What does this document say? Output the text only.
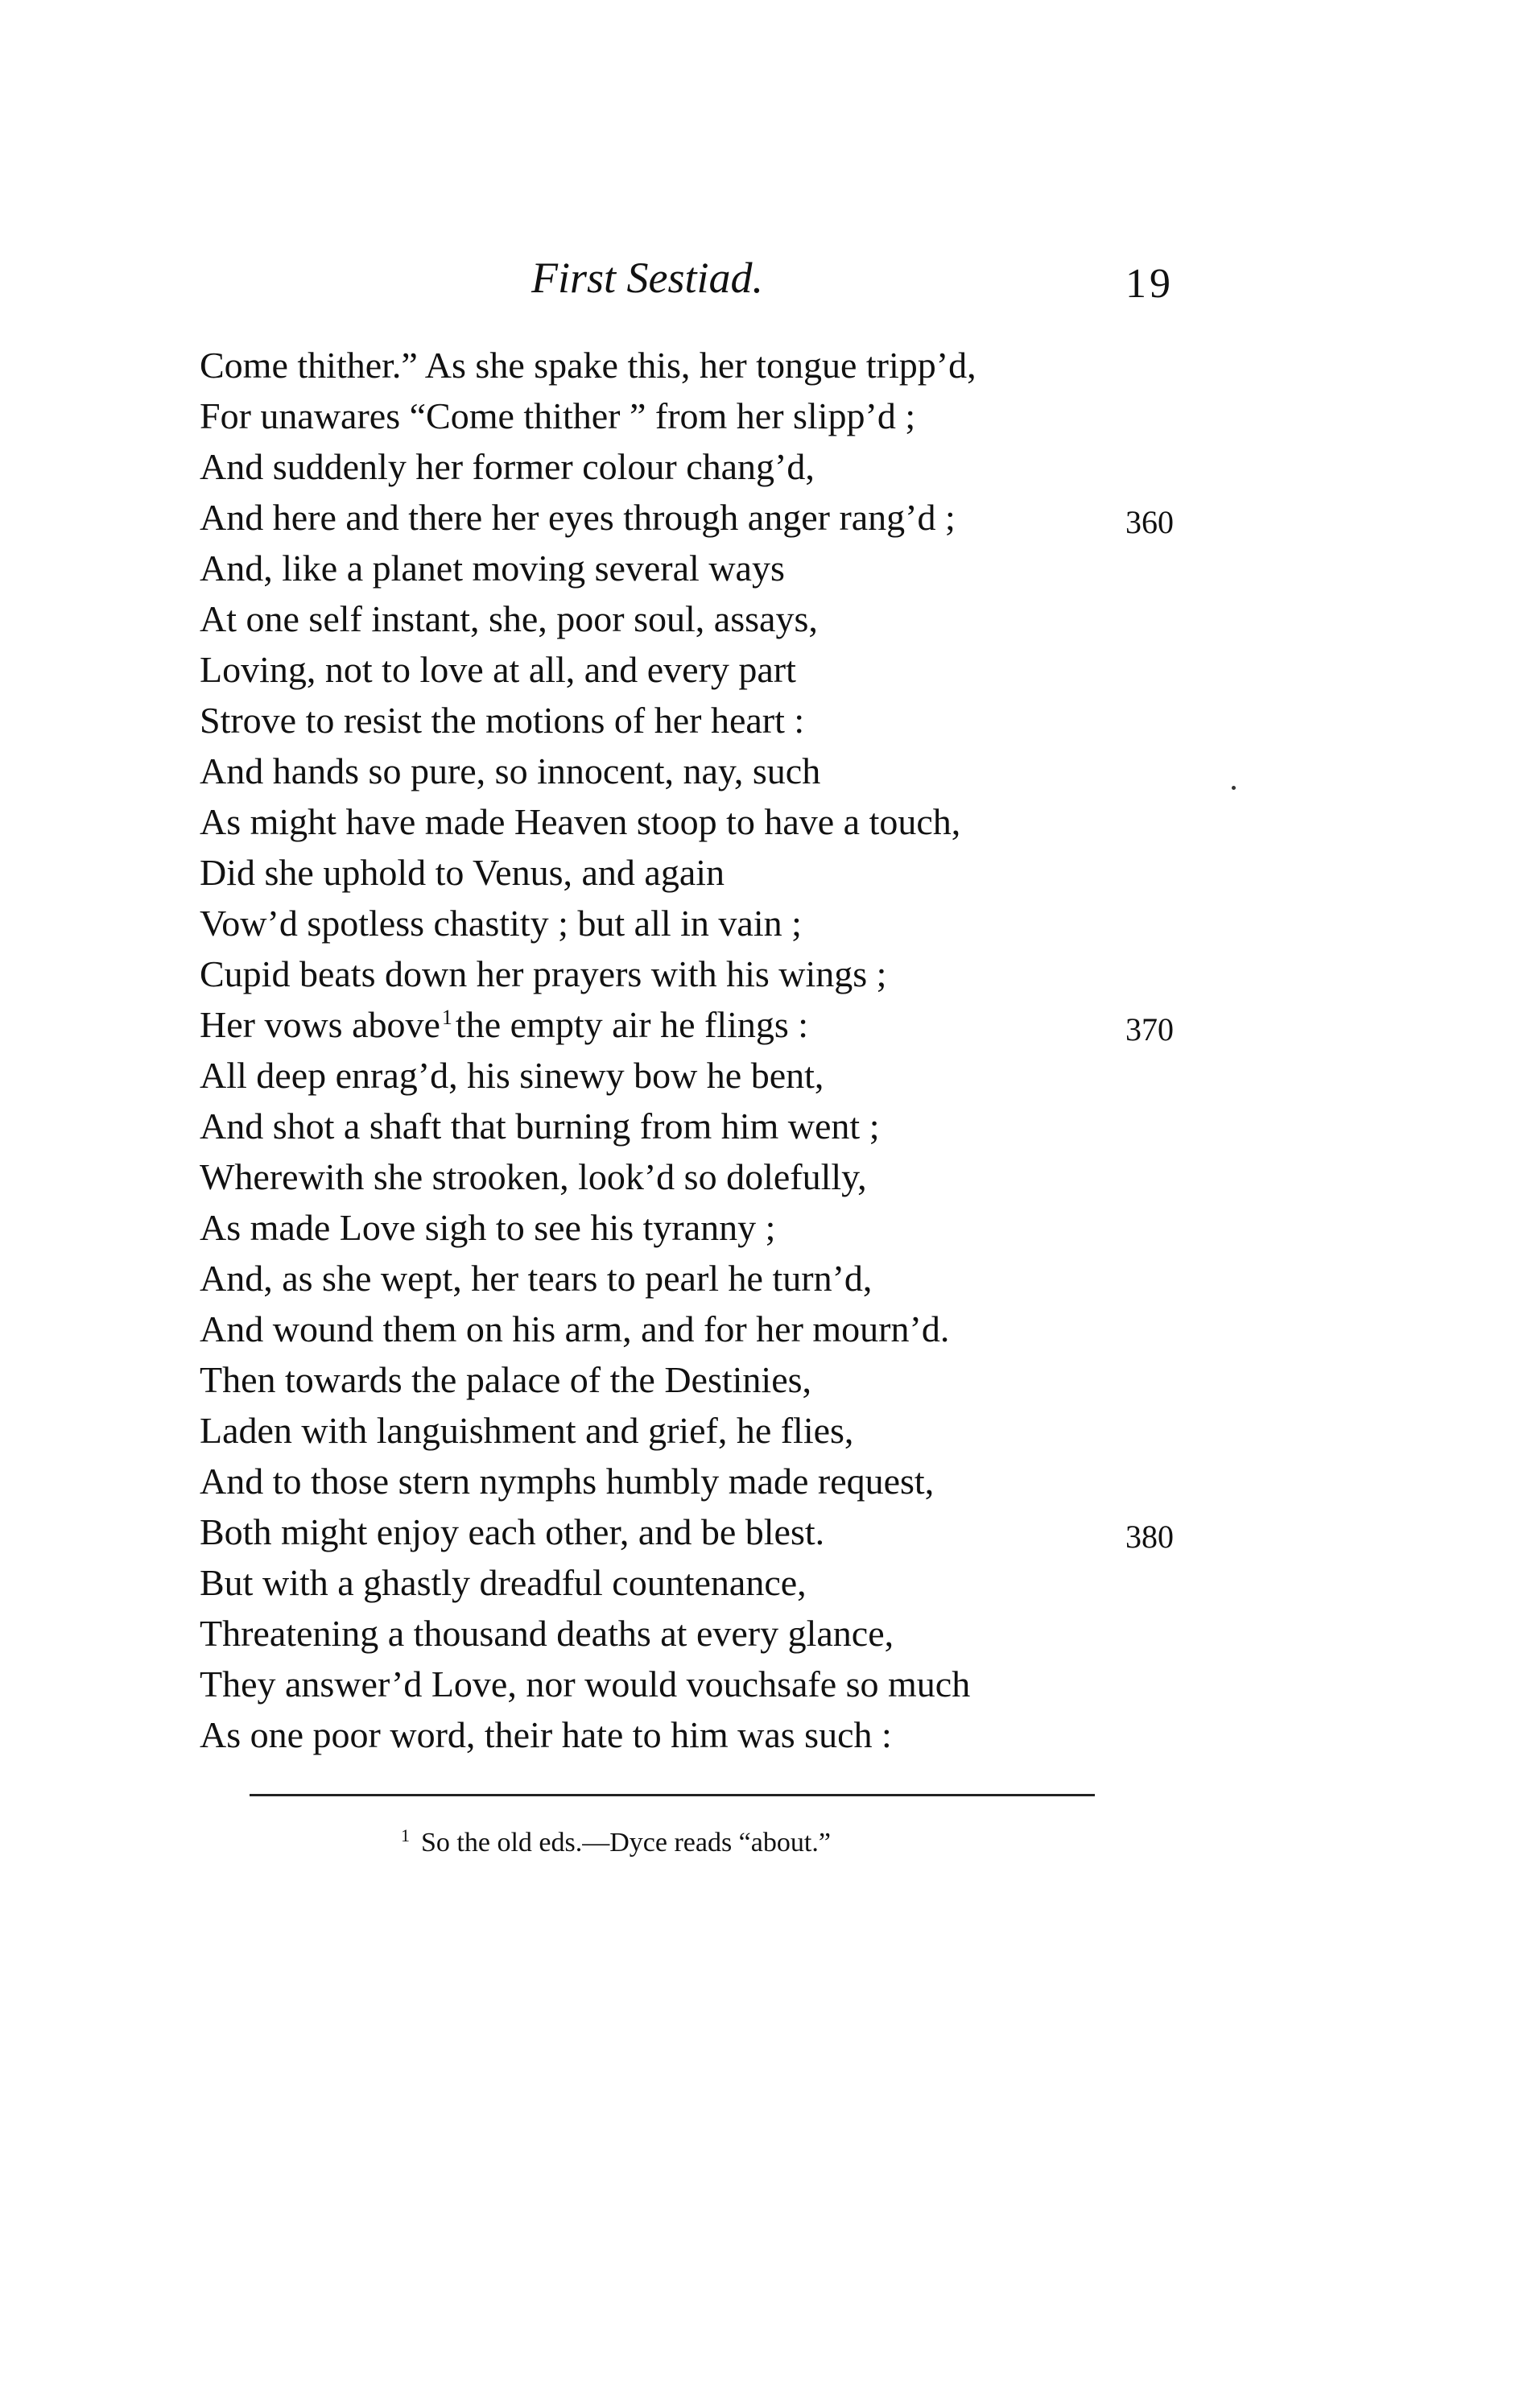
First Sestiad.	19
Come thither.” As she spake this, her tongue tripp’d,
For unawares “Come thither ” from her slipp’d ;
And suddenly her former colour chang’d,
And here and there her eyes through anger rang’d ;	360
And, like a planet moving several ways
At one self instant, she, poor soul, assays,
Loving, not to love at all, and every part
Strove to resist the motions of her heart :
And hands so pure, so innocent, nay, such
As might have made Heaven stoop to have a touch,
Did she uphold to Venus, and again
Vow’d spotless chastity ; but all in vain ;
Cupid beats down her prayers with his wings ;
Her vows above$^1$the empty air he flings :	370
All deep enrag’d, his sinewy bow he bent,
And shot a shaft that burning from him went ;
Wherewith she strooken, look’d so dolefully,
As made Love sigh to see his tyranny ;
And, as she wept, her tears to pearl he turn’d,
And wound them on his arm, and for her mourn’d.
Then towards the palace of the Destinies,
Laden with languishment and grief, he flies,
And to those stern nymphs humbly made request,
Both might enjoy each other, and be blest.	380
But with a ghastly dreadful countenance,
Threatening a thousand deaths at every glance,
They answer’d Love, nor would vouchsafe so much
As one poor word, their hate to him was such :
$^1$ So the old eds.—Dyce reads “about.”
